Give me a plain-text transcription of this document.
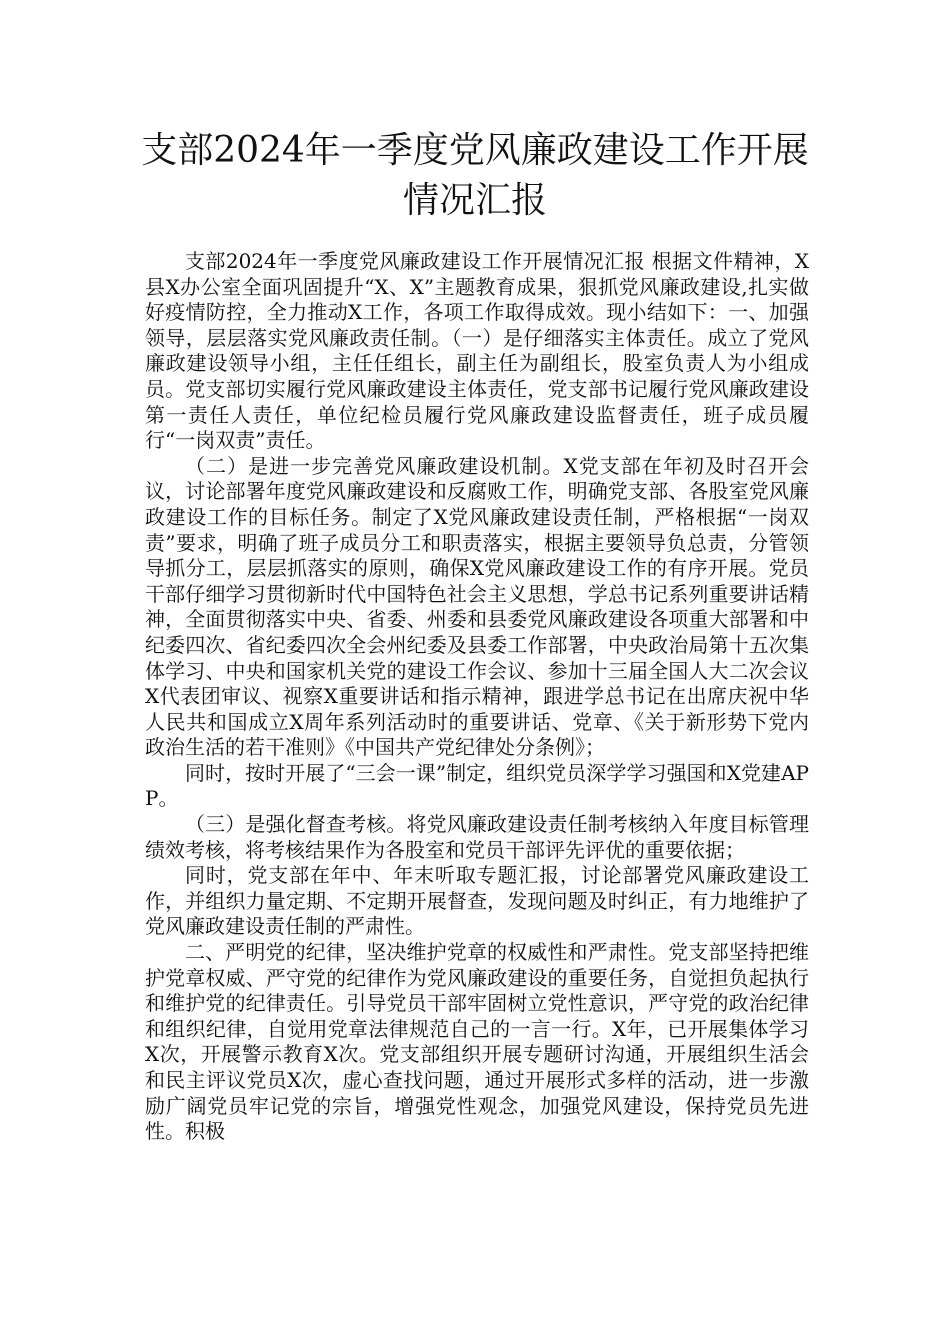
支部2024年一季度党风廉政建设工作开展
情况汇报

支部2024年一季度党风廉政建设工作开展情况汇报 根据文件精神，X县X办公室全面巩固提升“X、X”主题教育成果，狠抓党风廉政建设,扎实做好疫情防控，全力推动X工作，各项工作取得成效。现小结如下：一、加强领导，层层落实党风廉政责任制。（一）是仔细落实主体责任。成立了党风廉政建设领导小组，主任任组长，副主任为副组长，股室负责人为小组成员。党支部切实履行党风廉政建设主体责任，党支部书记履行党风廉政建设第一责任人责任，单位纪检员履行党风廉政建设监督责任，班子成员履行“一岗双责”责任。

（二）是进一步完善党风廉政建设机制。X党支部在年初及时召开会议，讨论部署年度党风廉政建设和反腐败工作，明确党支部、各股室党风廉政建设工作的目标任务。制定了X党风廉政建设责任制，严格根据“一岗双责”要求，明确了班子成员分工和职责落实，根据主要领导负总责，分管领导抓分工，层层抓落实的原则，确保X党风廉政建设工作的有序开展。党员干部仔细学习贯彻新时代中国特色社会主义思想，学总书记系列重要讲话精神，全面贯彻落实中央、省委、州委和县委党风廉政建设各项重大部署和中纪委四次、省纪委四次全会州纪委及县委工作部署，中央政治局第十五次集体学习、中央和国家机关党的建设工作会议、参加十三届全国人大二次会议X代表团审议、视察X重要讲话和指示精神，跟进学总书记在出席庆祝中华人民共和国成立X周年系列活动时的重要讲话、党章、《关于新形势下党内政治生活的若干准则》《中国共产党纪律处分条例》；

同时，按时开展了“三会一课”制定，组织党员深学学习强国和X党建APP。

（三）是强化督查考核。将党风廉政建设责任制考核纳入年度目标管理绩效考核，将考核结果作为各股室和党员干部评先评优的重要依据；

同时，党支部在年中、年末听取专题汇报，讨论部署党风廉政建设工作，并组织力量定期、不定期开展督查，发现问题及时纠正，有力地维护了党风廉政建设责任制的严肃性。

二、严明党的纪律，坚决维护党章的权威性和严肃性。党支部坚持把维护党章权威、严守党的纪律作为党风廉政建设的重要任务，自觉担负起执行和维护党的纪律责任。引导党员干部牢固树立党性意识，严守党的政治纪律和组织纪律，自觉用党章法律规范自己的一言一行。X年，已开展集体学习X次，开展警示教育X次。党支部组织开展专题研讨沟通，开展组织生活会和民主评议党员X次，虚心查找问题，通过开展形式多样的活动，进一步激励广阔党员牢记党的宗旨，增强党性观念，加强党风建设，保持党员先进性。积极
